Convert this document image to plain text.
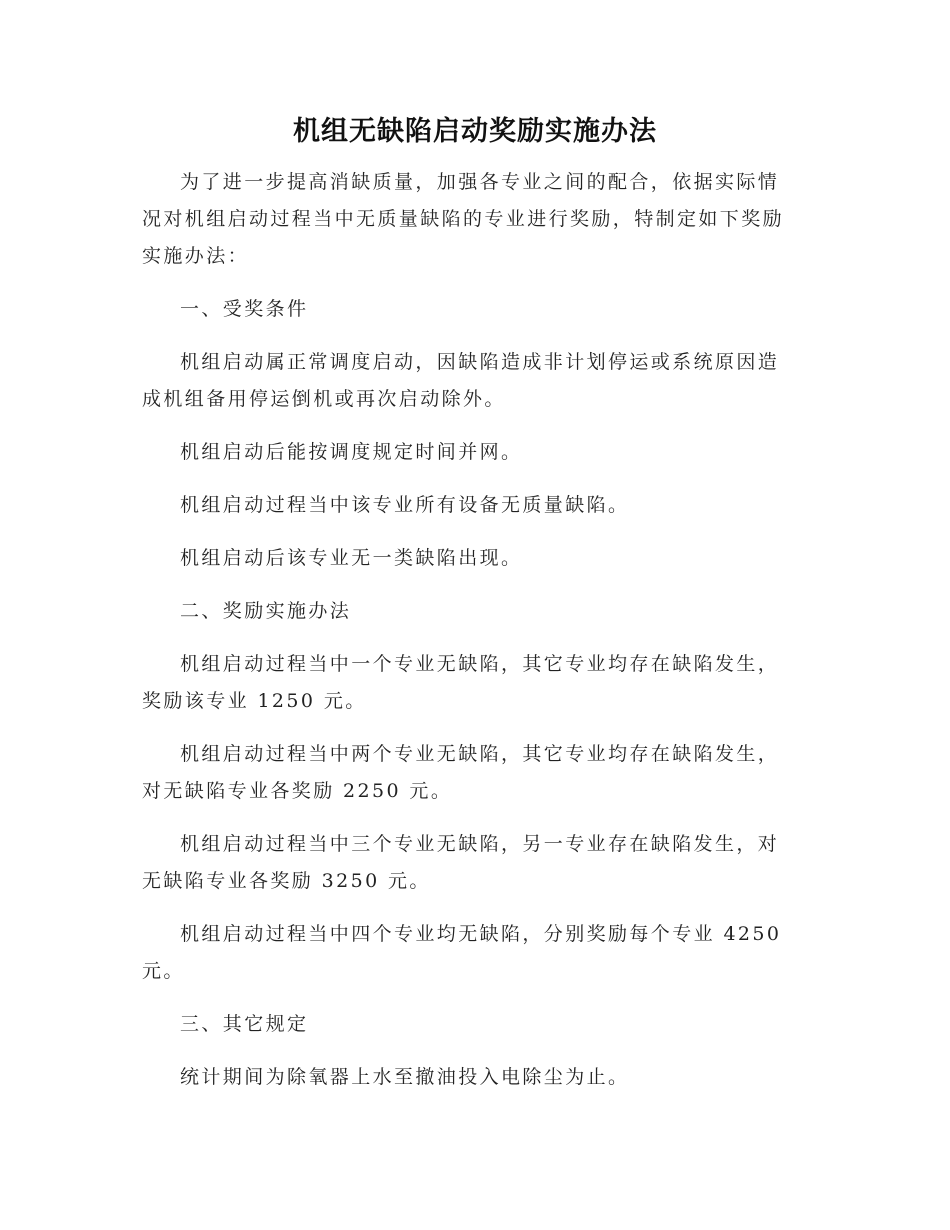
机组无缺陷启动奖励实施办法

为了进一步提高消缺质量，加强各专业之间的配合，依据实际情况对机组启动过程当中无质量缺陷的专业进行奖励，特制定如下奖励实施办法：

一、受奖条件

机组启动属正常调度启动，因缺陷造成非计划停运或系统原因造成机组备用停运倒机或再次启动除外。

机组启动后能按调度规定时间并网。

机组启动过程当中该专业所有设备无质量缺陷。

机组启动后该专业无一类缺陷出现。

二、奖励实施办法

机组启动过程当中一个专业无缺陷，其它专业均存在缺陷发生，奖励该专业 1250 元。

机组启动过程当中两个专业无缺陷，其它专业均存在缺陷发生，对无缺陷专业各奖励 2250 元。

机组启动过程当中三个专业无缺陷，另一专业存在缺陷发生，对无缺陷专业各奖励 3250 元。

机组启动过程当中四个专业均无缺陷，分别奖励每个专业 4250 元。

三、其它规定

统计期间为除氧器上水至撤油投入电除尘为止。
